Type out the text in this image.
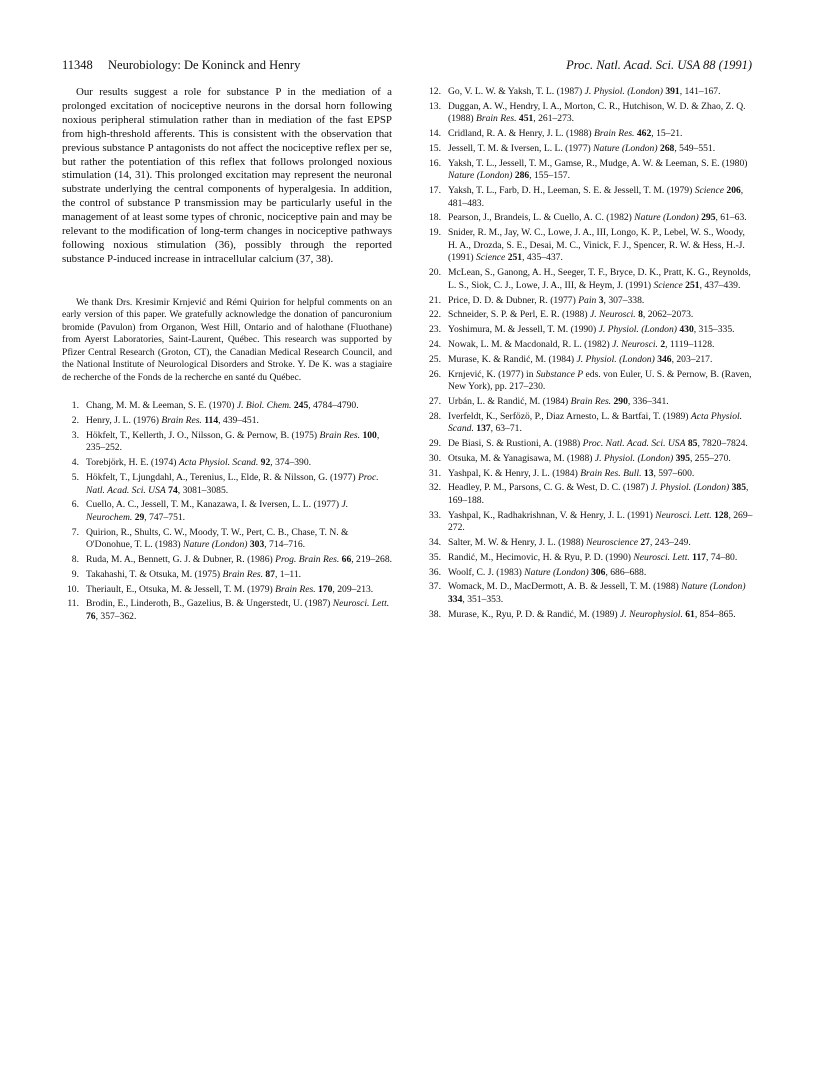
11348 Neurobiology: De Koninck and Henry	Proc. Natl. Acad. Sci. USA 88 (1991)

Our results suggest a role for substance P in the mediation of a prolonged excitation of nociceptive neurons in the dorsal horn following noxious peripheral stimulation rather than in mediation of the fast EPSP from high-threshold afferents. This is consistent with the observation that previous substance P antagonists do not affect the nociceptive reflex per se, but rather the potentiation of this reflex that follows prolonged noxious stimulation (14, 31). This prolonged excitation may represent the neuronal substrate underlying the central components of hyperalgesia. In addition, the control of substance P transmission may be particularly useful in the management of at least some types of chronic, nociceptive pain and may be relevant to the modification of long-term changes in nociceptive pathways following noxious stimulation (36), possibly through the reported substance P-induced increase in intracellular calcium (37, 38).

We thank Drs. Kresimir Krnjević and Rémi Quirion for helpful comments on an early version of this paper. We gratefully acknowledge the donation of pancuronium bromide (Pavulon) from Organon, West Hill, Ontario and of halothane (Fluothane) from Ayerst Laboratories, Saint-Laurent, Québec. This research was supported by Pfizer Central Research (Groton, CT), the Canadian Medical Research Council, and the National Institute of Neurological Disorders and Stroke. Y. De K. was a stagiaire de recherche of the Fonds de la recherche en santé du Québec.

1. Chang, M. M. & Leeman, S. E. (1970) J. Biol. Chem. 245, 4784–4790.
2. Henry, J. L. (1976) Brain Res. 114, 439–451.
3. Hökfelt, T., Kellerth, J. O., Nilsson, G. & Pernow, B. (1975) Brain Res. 100, 235–252.
4. Torebjörk, H. E. (1974) Acta Physiol. Scand. 92, 374–390.
5. Hökfelt, T., Ljungdahl, A., Terenius, L., Elde, R. & Nilsson, G. (1977) Proc. Natl. Acad. Sci. USA 74, 3081–3085.
6. Cuello, A. C., Jessell, T. M., Kanazawa, I. & Iversen, L. L. (1977) J. Neurochem. 29, 747–751.
7. Quirion, R., Shults, C. W., Moody, T. W., Pert, C. B., Chase, T. N. & O'Donohue, T. L. (1983) Nature (London) 303, 714–716.
8. Ruda, M. A., Bennett, G. J. & Dubner, R. (1986) Prog. Brain Res. 66, 219–268.
9. Takahashi, T. & Otsuka, M. (1975) Brain Res. 87, 1–11.
10. Theriault, E., Otsuka, M. & Jessell, T. M. (1979) Brain Res. 170, 209–213.
11. Brodin, E., Linderoth, B., Gazelius, B. & Ungerstedt, U. (1987) Neurosci. Lett. 76, 357–362.
12. Go, V. L. W. & Yaksh, T. L. (1987) J. Physiol. (London) 391, 141–167.
13. Duggan, A. W., Hendry, I. A., Morton, C. R., Hutchison, W. D. & Zhao, Z. Q. (1988) Brain Res. 451, 261–273.
14. Cridland, R. A. & Henry, J. L. (1988) Brain Res. 462, 15–21.
15. Jessell, T. M. & Iversen, L. L. (1977) Nature (London) 268, 549–551.
16. Yaksh, T. L., Jessell, T. M., Gamse, R., Mudge, A. W. & Leeman, S. E. (1980) Nature (London) 286, 155–157.
17. Yaksh, T. L., Farb, D. H., Leeman, S. E. & Jessell, T. M. (1979) Science 206, 481–483.
18. Pearson, J., Brandeis, L. & Cuello, A. C. (1982) Nature (London) 295, 61–63.
19. Snider, R. M., Jay, W. C., Lowe, J. A., III, Longo, K. P., Lebel, W. S., Woody, H. A., Drozda, S. E., Desai, M. C., Vinick, F. J., Spencer, R. W. & Hess, H.-J. (1991) Science 251, 435–437.
20. McLean, S., Ganong, A. H., Seeger, T. F., Bryce, D. K., Pratt, K. G., Reynolds, L. S., Siok, C. J., Lowe, J. A., III, & Heym, J. (1991) Science 251, 437–439.
21. Price, D. D. & Dubner, R. (1977) Pain 3, 307–338.
22. Schneider, S. P. & Perl, E. R. (1988) J. Neurosci. 8, 2062–2073.
23. Yoshimura, M. & Jessell, T. M. (1990) J. Physiol. (London) 430, 315–335.
24. Nowak, L. M. & Macdonald, R. L. (1982) J. Neurosci. 2, 1119–1128.
25. Murase, K. & Randić, M. (1984) J. Physiol. (London) 346, 203–217.
26. Krnjević, K. (1977) in Substance P eds. von Euler, U. S. & Pernow, B. (Raven, New York), pp. 217–230.
27. Urbán, L. & Randić, M. (1984) Brain Res. 290, 336–341.
28. Iverfeldt, K., Serfözö, P., Diaz Arnesto, L. & Bartfai, T. (1989) Acta Physiol. Scand. 137, 63–71.
29. De Biasi, S. & Rustioni, A. (1988) Proc. Natl. Acad. Sci. USA 85, 7820–7824.
30. Otsuka, M. & Yanagisawa, M. (1988) J. Physiol. (London) 395, 255–270.
31. Yashpal, K. & Henry, J. L. (1984) Brain Res. Bull. 13, 597–600.
32. Headley, P. M., Parsons, C. G. & West, D. C. (1987) J. Physiol. (London) 385, 169–188.
33. Yashpal, K., Radhakrishnan, V. & Henry, J. L. (1991) Neurosci. Lett. 128, 269–272.
34. Salter, M. W. & Henry, J. L. (1988) Neuroscience 27, 243–249.
35. Randić, M., Hecimovic, H. & Ryu, P. D. (1990) Neurosci. Lett. 117, 74–80.
36. Woolf, C. J. (1983) Nature (London) 306, 686–688.
37. Womack, M. D., MacDermott, A. B. & Jessell, T. M. (1988) Nature (London) 334, 351–353.
38. Murase, K., Ryu, P. D. & Randić, M. (1989) J. Neurophysiol. 61, 854–865.
